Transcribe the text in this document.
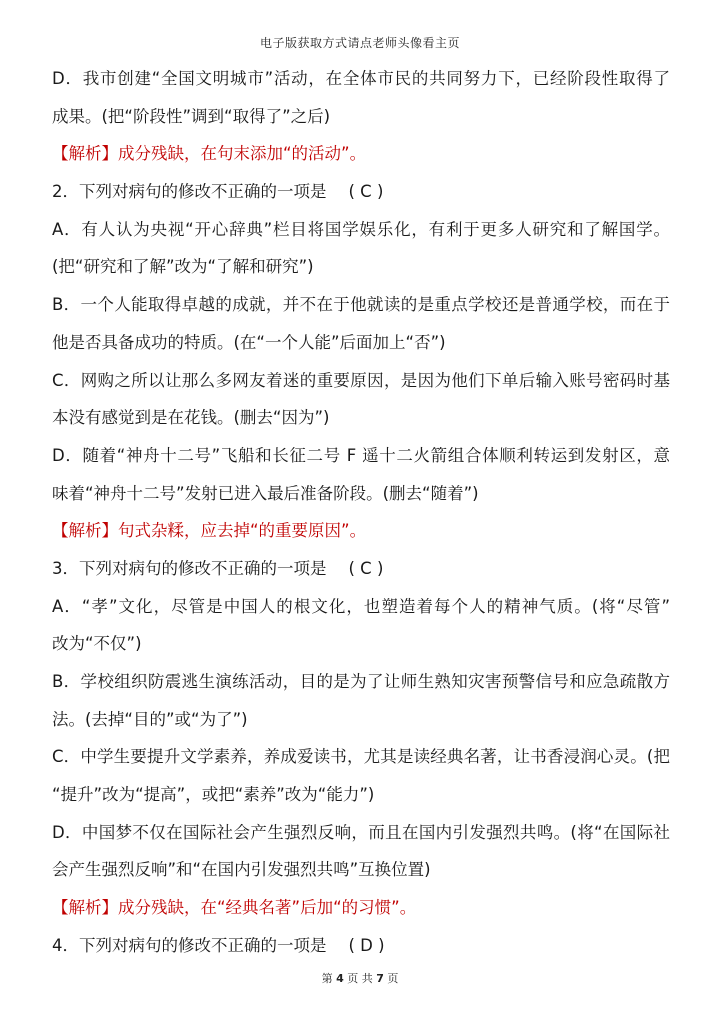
电子版获取方式请点老师头像看主页
D．我市创建“全国文明城市”活动，在全体市民的共同努力下，已经阶段性取得了
成果。(把“阶段性”调到“取得了”之后)
【解析】成分残缺，在句末添加“的活动”。
2．下列对病句的修改不正确的一项是 ( C )
A．有人认为央视“开心辞典”栏目将国学娱乐化，有利于更多人研究和了解国学。
(把“研究和了解”改为“了解和研究”)
B．一个人能取得卓越的成就，并不在于他就读的是重点学校还是普通学校，而在于
他是否具备成功的特质。(在“一个人能”后面加上“否”)
C．网购之所以让那么多网友着迷的重要原因，是因为他们下单后输入账号密码时基
本没有感觉到是在花钱。(删去“因为”)
D．随着“神舟十二号”飞船和长征二号 F 遥十二火箭组合体顺利转运到发射区，意
味着“神舟十二号”发射已进入最后准备阶段。(删去“随着”)
【解析】句式杂糅，应去掉“的重要原因”。
3．下列对病句的修改不正确的一项是 ( C )
A．“孝”文化，尽管是中国人的根文化，也塑造着每个人的精神气质。(将“尽管”
改为“不仅”)
B．学校组织防震逃生演练活动，目的是为了让师生熟知灾害预警信号和应急疏散方
法。(去掉“目的”或“为了”)
C．中学生要提升文学素养，养成爱读书，尤其是读经典名著，让书香浸润心灵。(把
“提升”改为“提高”，或把“素养”改为“能力”)
D．中国梦不仅在国际社会产生强烈反响，而且在国内引发强烈共鸣。(将“在国际社
会产生强烈反响”和“在国内引发强烈共鸣”互换位置)
【解析】成分残缺，在“经典名著”后加“的习惯”。
4．下列对病句的修改不正确的一项是 ( D )
第 4 页 共 7 页
